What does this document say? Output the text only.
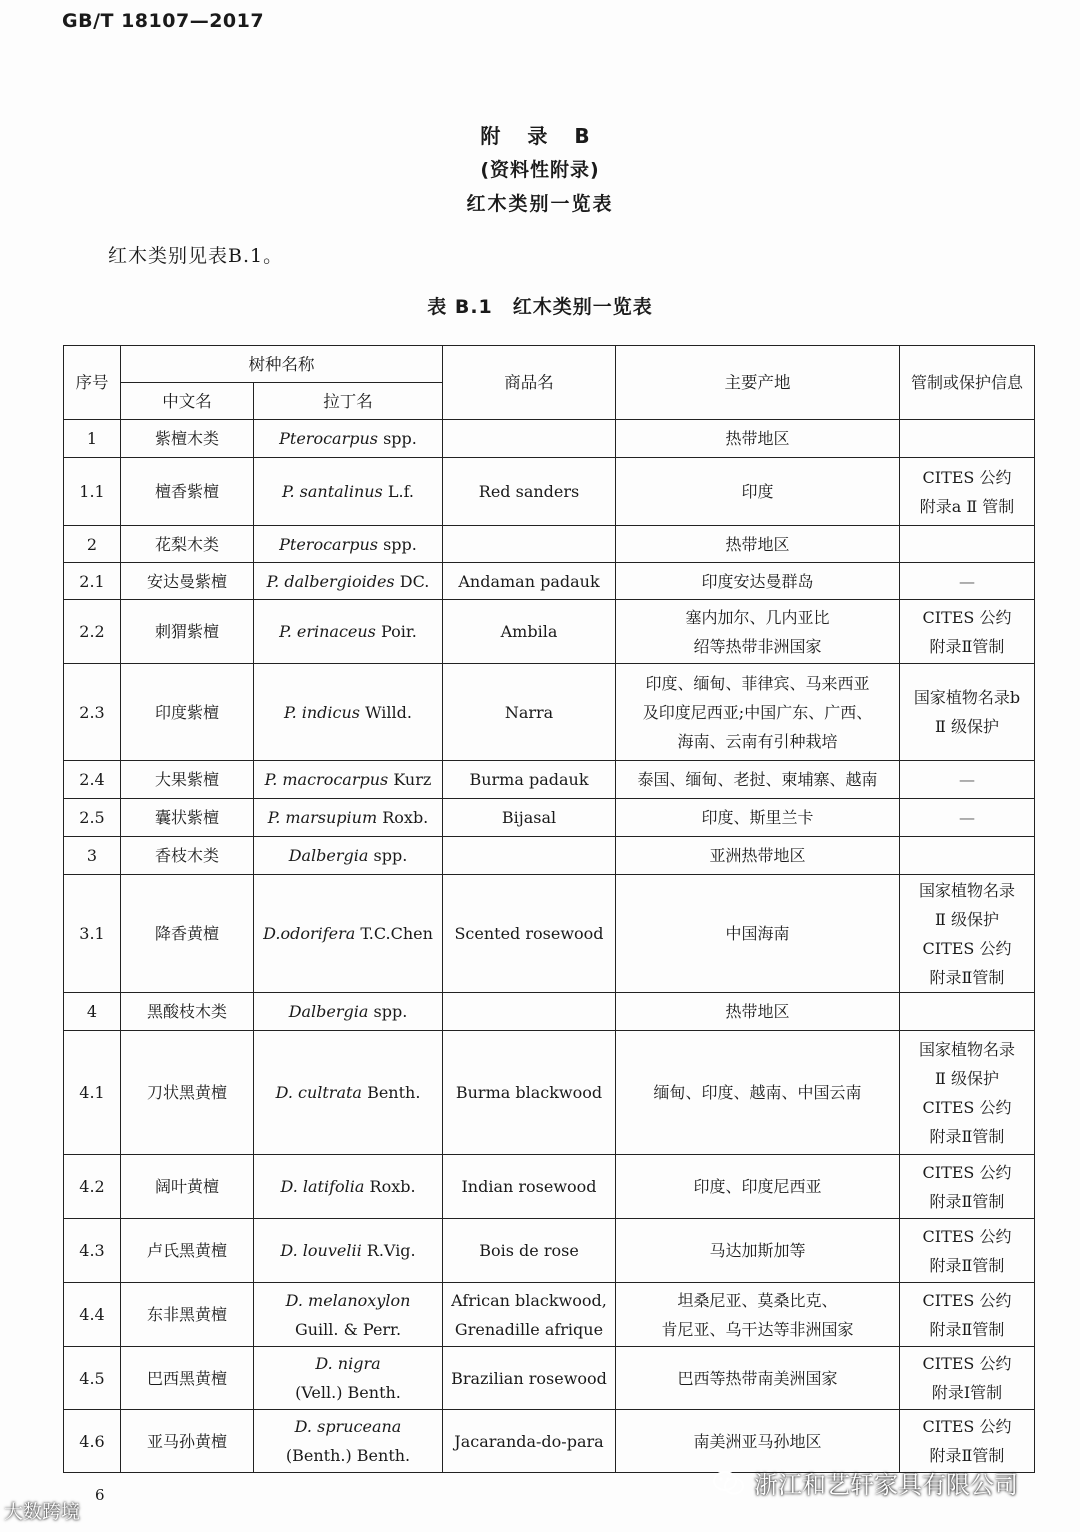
GB/T 18107—2017
附 录 B
(资料性附录)
红木类别一览表
红木类别见表B.1。
表 B.1　红木类别一览表
序号	树种名称		商品名	主要产地	管制或保护信息
	中文名	拉丁名			
1	紫檀木类	Pterocarpus spp.		热带地区	
1.1	檀香紫檀	P. santalinus L.f.	Red sanders	印度	CITES 公约
附录a Ⅱ 管制
2	花梨木类	Pterocarpus spp.		热带地区	
2.1	安达曼紫檀	P. dalbergioides DC.	Andaman padauk	印度安达曼群岛	—
2.2	刺猬紫檀	P. erinaceus Poir.	Ambila	塞内加尔、几内亚比
绍等热带非洲国家	CITES 公约
附录Ⅱ管制
2.3	印度紫檀	P. indicus Willd.	Narra	印度、缅甸、菲律宾、马来西亚
及印度尼西亚;中国广东、广西、
海南、云南有引种栽培	国家植物名录b
Ⅱ 级保护
2.4	大果紫檀	P. macrocarpus Kurz	Burma padauk	泰国、缅甸、老挝、柬埔寨、越南	—
2.5	囊状紫檀	P. marsupium Roxb.	Bijasal	印度、斯里兰卡	—
3	香枝木类	Dalbergia spp.		亚洲热带地区	
3.1	降香黄檀	D.odorifera T.C.Chen	Scented rosewood	中国海南	国家植物名录
Ⅱ 级保护
CITES 公约
附录Ⅱ管制
4	黑酸枝木类	Dalbergia spp.		热带地区	
4.1	刀状黑黄檀	D. cultrata Benth.	Burma blackwood	缅甸、印度、越南、中国云南	国家植物名录
Ⅱ 级保护
CITES 公约
附录Ⅱ管制
4.2	阔叶黄檀	D. latifolia Roxb.	Indian rosewood	印度、印度尼西亚	CITES 公约
附录Ⅱ管制
4.3	卢氏黑黄檀	D. louvelii R.Vig.	Bois de rose	马达加斯加等	CITES 公约
附录Ⅱ管制
4.4	东非黑黄檀	D. melanoxylon
Guill. & Perr.	African blackwood,
Grenadille afrique	坦桑尼亚、莫桑比克、
肯尼亚、乌干达等非洲国家	CITES 公约
附录Ⅱ管制
4.5	巴西黑黄檀	D. nigra
(Vell.) Benth.	Brazilian rosewood	巴西等热带南美洲国家	CITES 公约
附录Ⅰ管制
4.6	亚马孙黄檀	D. spruceana
(Benth.) Benth.	Jacaranda-do-para	南美洲亚马孙地区	CITES 公约
附录Ⅱ管制
6
大数跨境
浙江和艺轩家具有限公司
